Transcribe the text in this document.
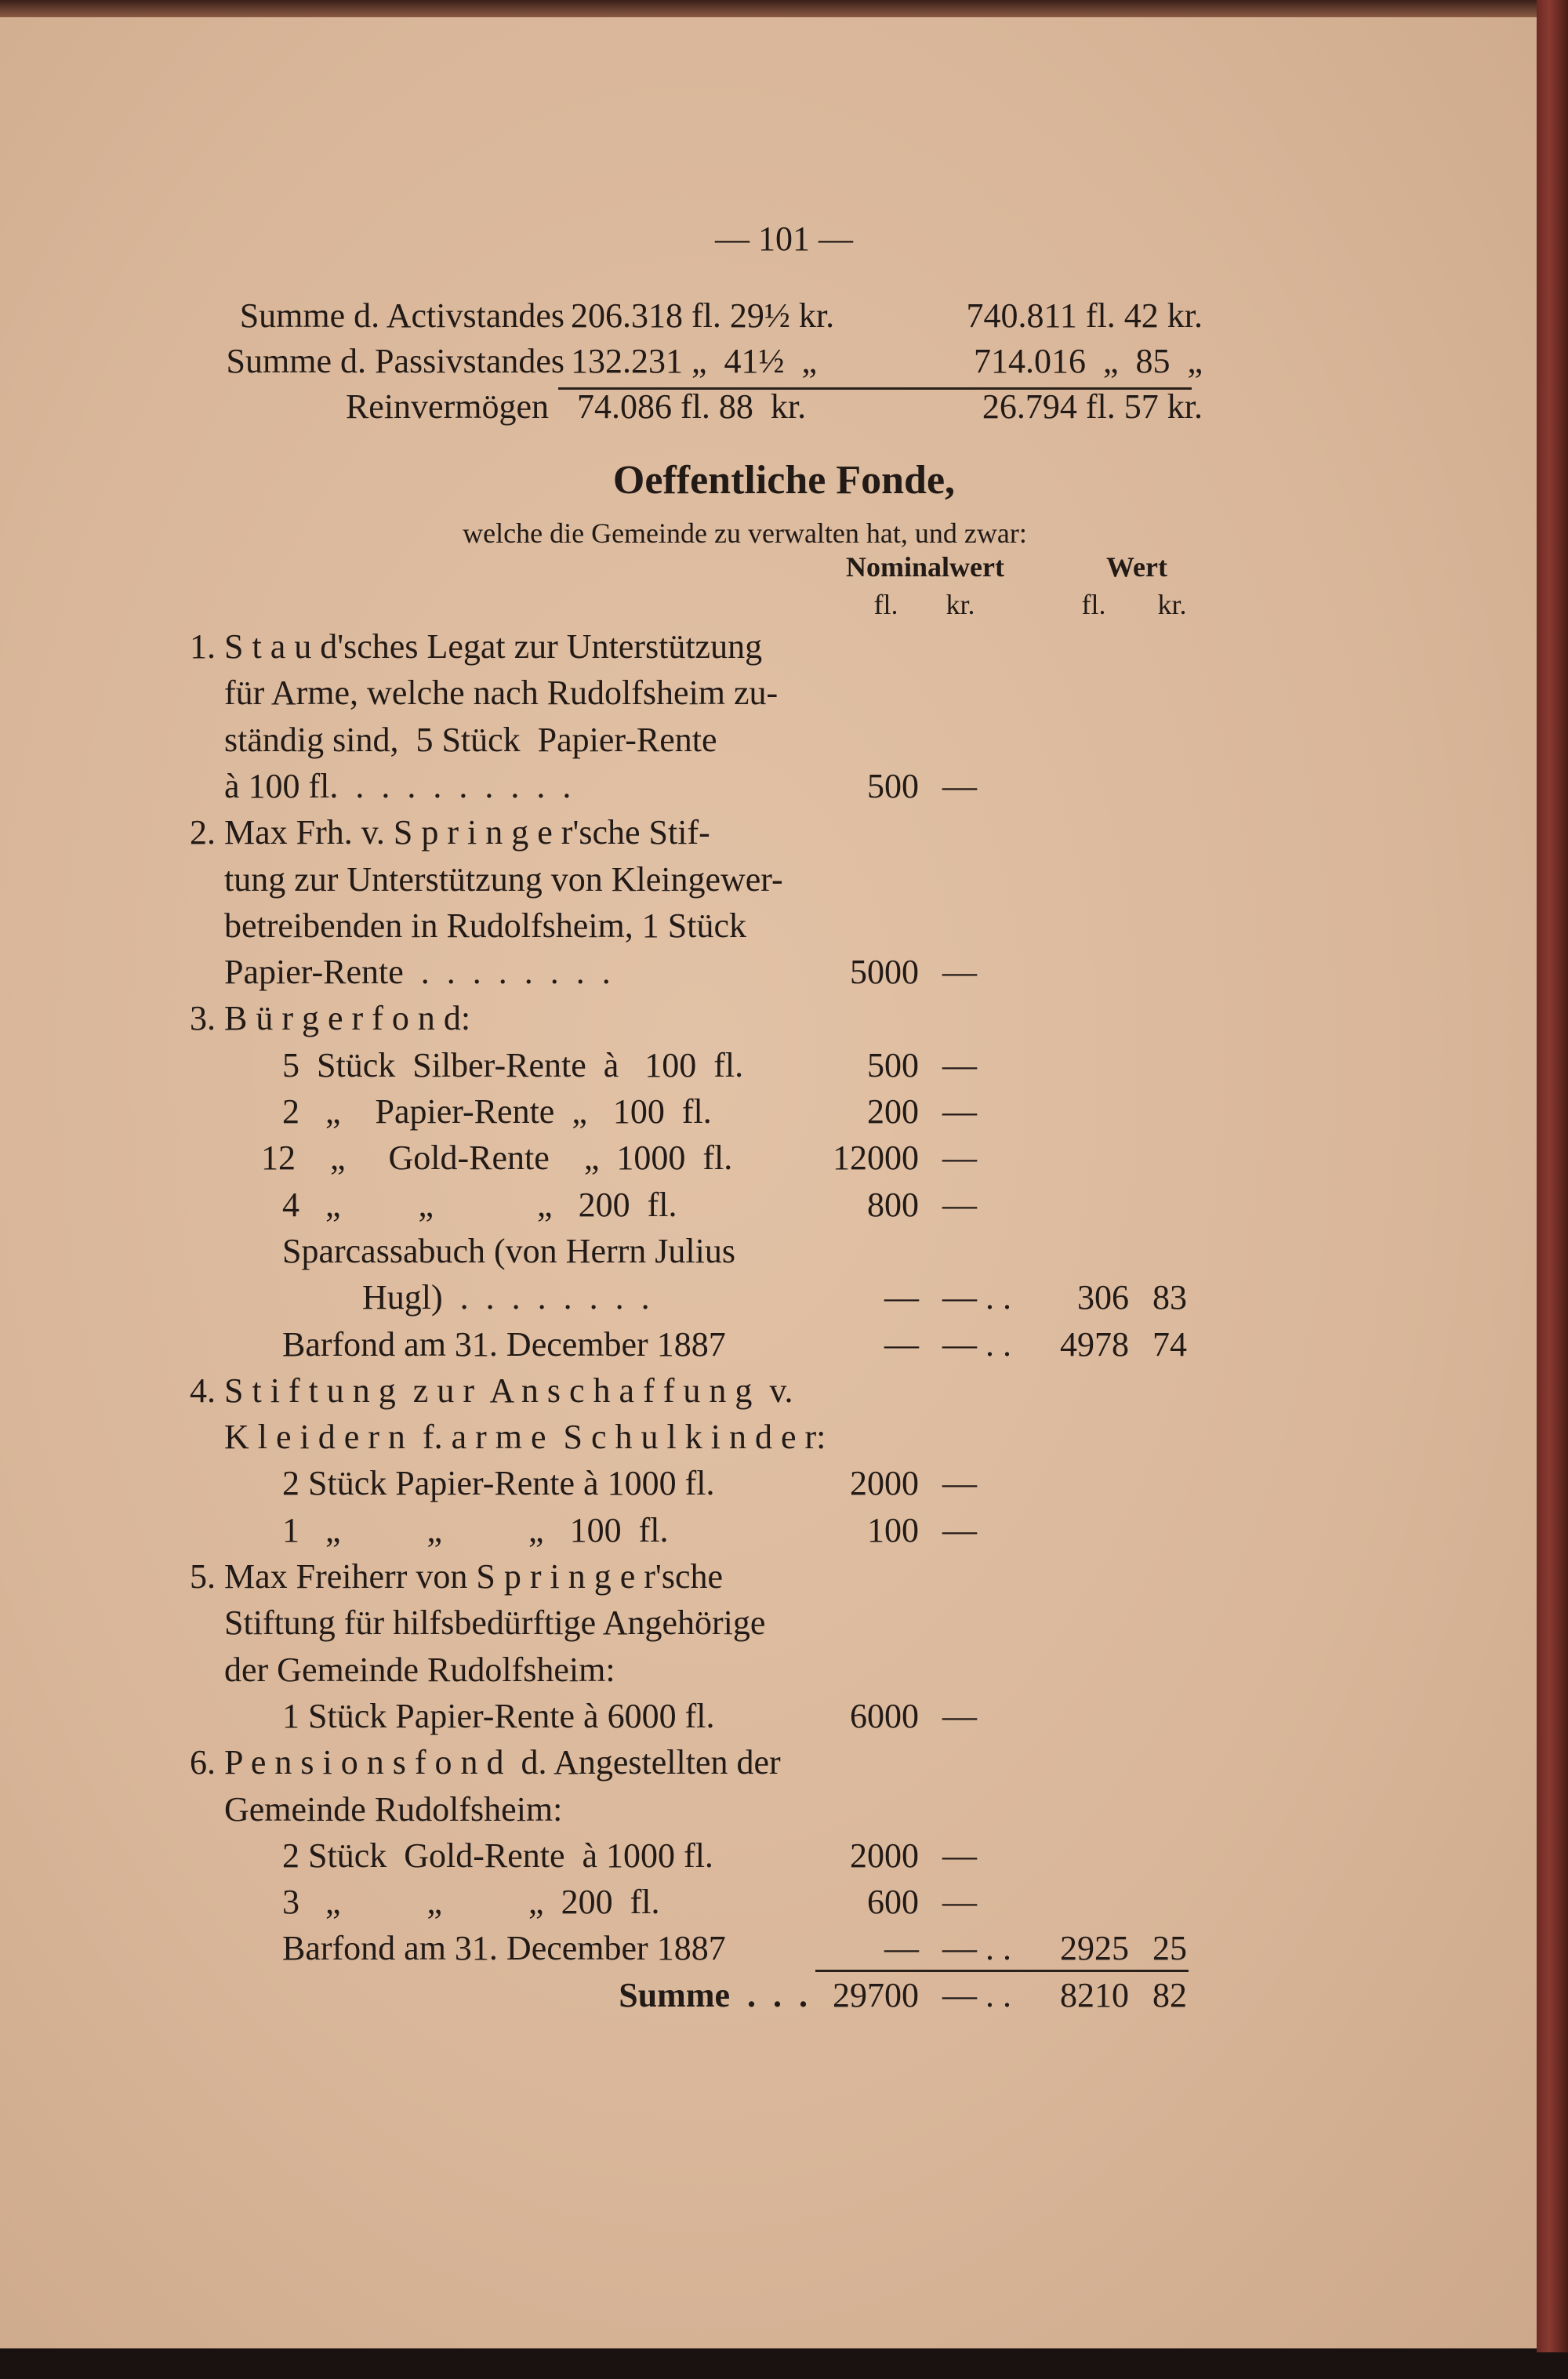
— 101 —
Summe d. Activstandes 206.318 fl. 29½ kr.	740.811 fl. 42 kr.
Summe d. Passivstandes 132.231 „  41½  „	714.016  „  85  „
Reinvermögen 74.086 fl. 88  kr.	26.794 fl. 57 kr.
Oeffentliche Fonde,
welche die Gemeinde zu verwalten hat, und zwar:
Nominalwert	Wert
fl.	kr.	fl.	kr.
1. S t a u d'sches Legat zur Unterstützung
für Arme, welche nach Rudolfsheim zu-
ständig sind,  5 Stück  Papier-Rente
à 100 fl.  .  .  .  .  .  .  .  .  .	500 —
2. Max Frh. v. S p r i n g e r'sche Stif-
tung zur Unterstützung von Kleingewer-
betreibenden in Rudolfsheim, 1 Stück
Papier-Rente  .  .  .  .  .  .  .  .	5000 —
3. B ü r g e r f o n d:
5  Stück  Silber-Rente  à   100  fl.	500 —
2   „    Papier-Rente  „   100  fl.	200 —
12    „     Gold-Rente    „  1000  fl.	12000 —
4   „         „            „   200  fl.	800 —
Sparcassabuch (von Herrn Julius
Hugl)  .  .  .  .  .  .  .  .	— — . .	306 83
Barfond am 31. December 1887	— — . .	4978 74
4. S t i f t u n g  z u r  A n s c h a f f u n g  v.
K l e i d e r n  f. a r m e  S c h u l k i n d e r:
2 Stück Papier-Rente à 1000 fl.	2000 —
1   „          „          „   100  fl.	100 —
5. Max Freiherr von S p r i n g e r'sche
Stiftung für hilfsbedürftige Angehörige
der Gemeinde Rudolfsheim:
1 Stück Papier-Rente à 6000 fl.	6000 —
6. P e n s i o n s f o n d  d. Angestellten der
Gemeinde Rudolfsheim:
2 Stück  Gold-Rente  à 1000 fl.	2000 —
3   „          „          „  200  fl.	600 —
Barfond am 31. December 1887	— — . .	2925 25
Summe  .  .  . 29700 — . .	8210 82
